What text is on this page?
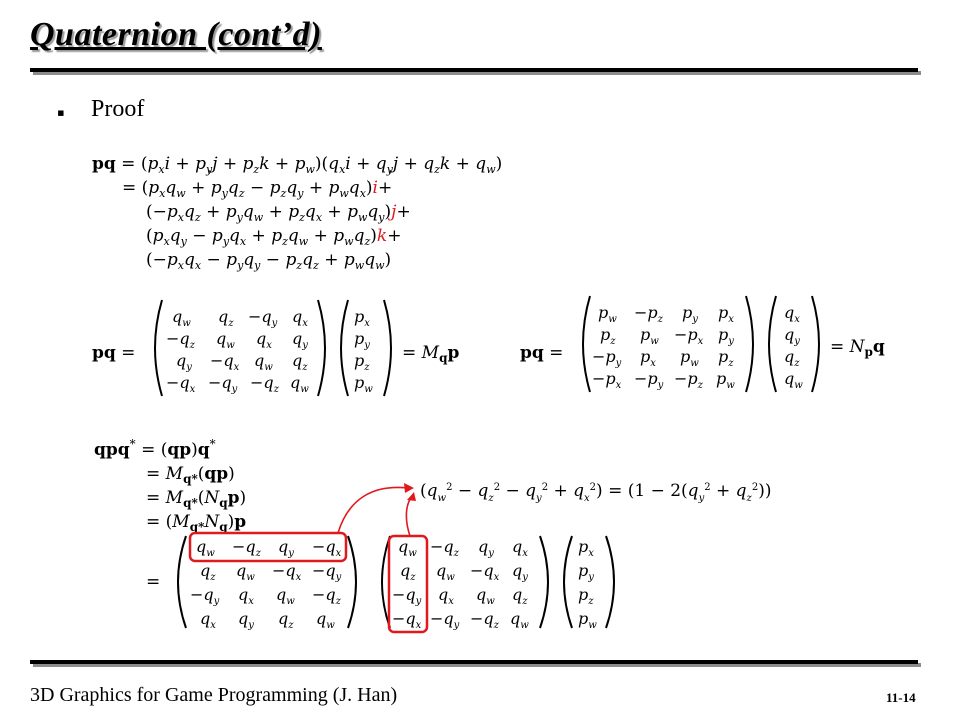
Quaternion (cont’d)
▪ Proof
pq = $(p_xi + p_yj + p_zk + p_w)(q_xi + q_yj + q_zk + q_w)$
= $(p_xq_w + p_yq_z - p_zq_y + p_wq_x)i+$
$(-p_xq_z + p_yq_w + p_zq_x + p_wq_y)j+$
$(p_xq_y - p_yq_x + p_zq_w + p_wq_z)k+$
$(-p_xq_x - p_yq_y - p_zq_z + p_wq_w)$
pq =
$q_w$ $q_z -q_y$ $q_x$
$-q_z$ $q_w$ $q_x$ $q_y$
$q_y -q_x$ $q_w$ $q_z$
$-q_x -q_y -q_z$ $q_w$
$p_x$
$p_y$
$p_z$
$p_w$
= $M_qp$	pq =
$p_w -p_z$ $p_y$ $p_x$
$p_z$ $p_w -p_x$ $p_y$
$-p_y$ $p_x$ $p_w$ $p_z$
$-p_x -p_y -p_z$ $p_w$
$q_x$
$q_y$
$q_z$
$q_w$
= $N_pq$
qpq* = (qp)q*
= $M_{q*}(qp)$
= $M_{q*}(N_qp)$
= $(M_{q*}N_q)p$
=
$q_w -q_z$ $q_y -q_x$
$q_z$ $q_w -q_x -q_y$
$-q_y$ $q_x$ $q_w -q_z$
$q_x$ $q_y$ $q_z$ $q_w$
$q_w -q_z$ $q_y$ $q_x$
$q_z$ $q_w -q_x$ $q_y$
$-q_y$ $q_x$ $q_w$ $q_z$
$-q_x -q_y -q_z$ $q_w$
$p_x$
$p_y$
$p_z$
$p_w$
$(q_w^2 - q_z^2 - q_y^2 + q_x^2) = (1 - 2(q_y^2 + q_z^2))$
3D Graphics for Game Programming (J. Han)	11-14
